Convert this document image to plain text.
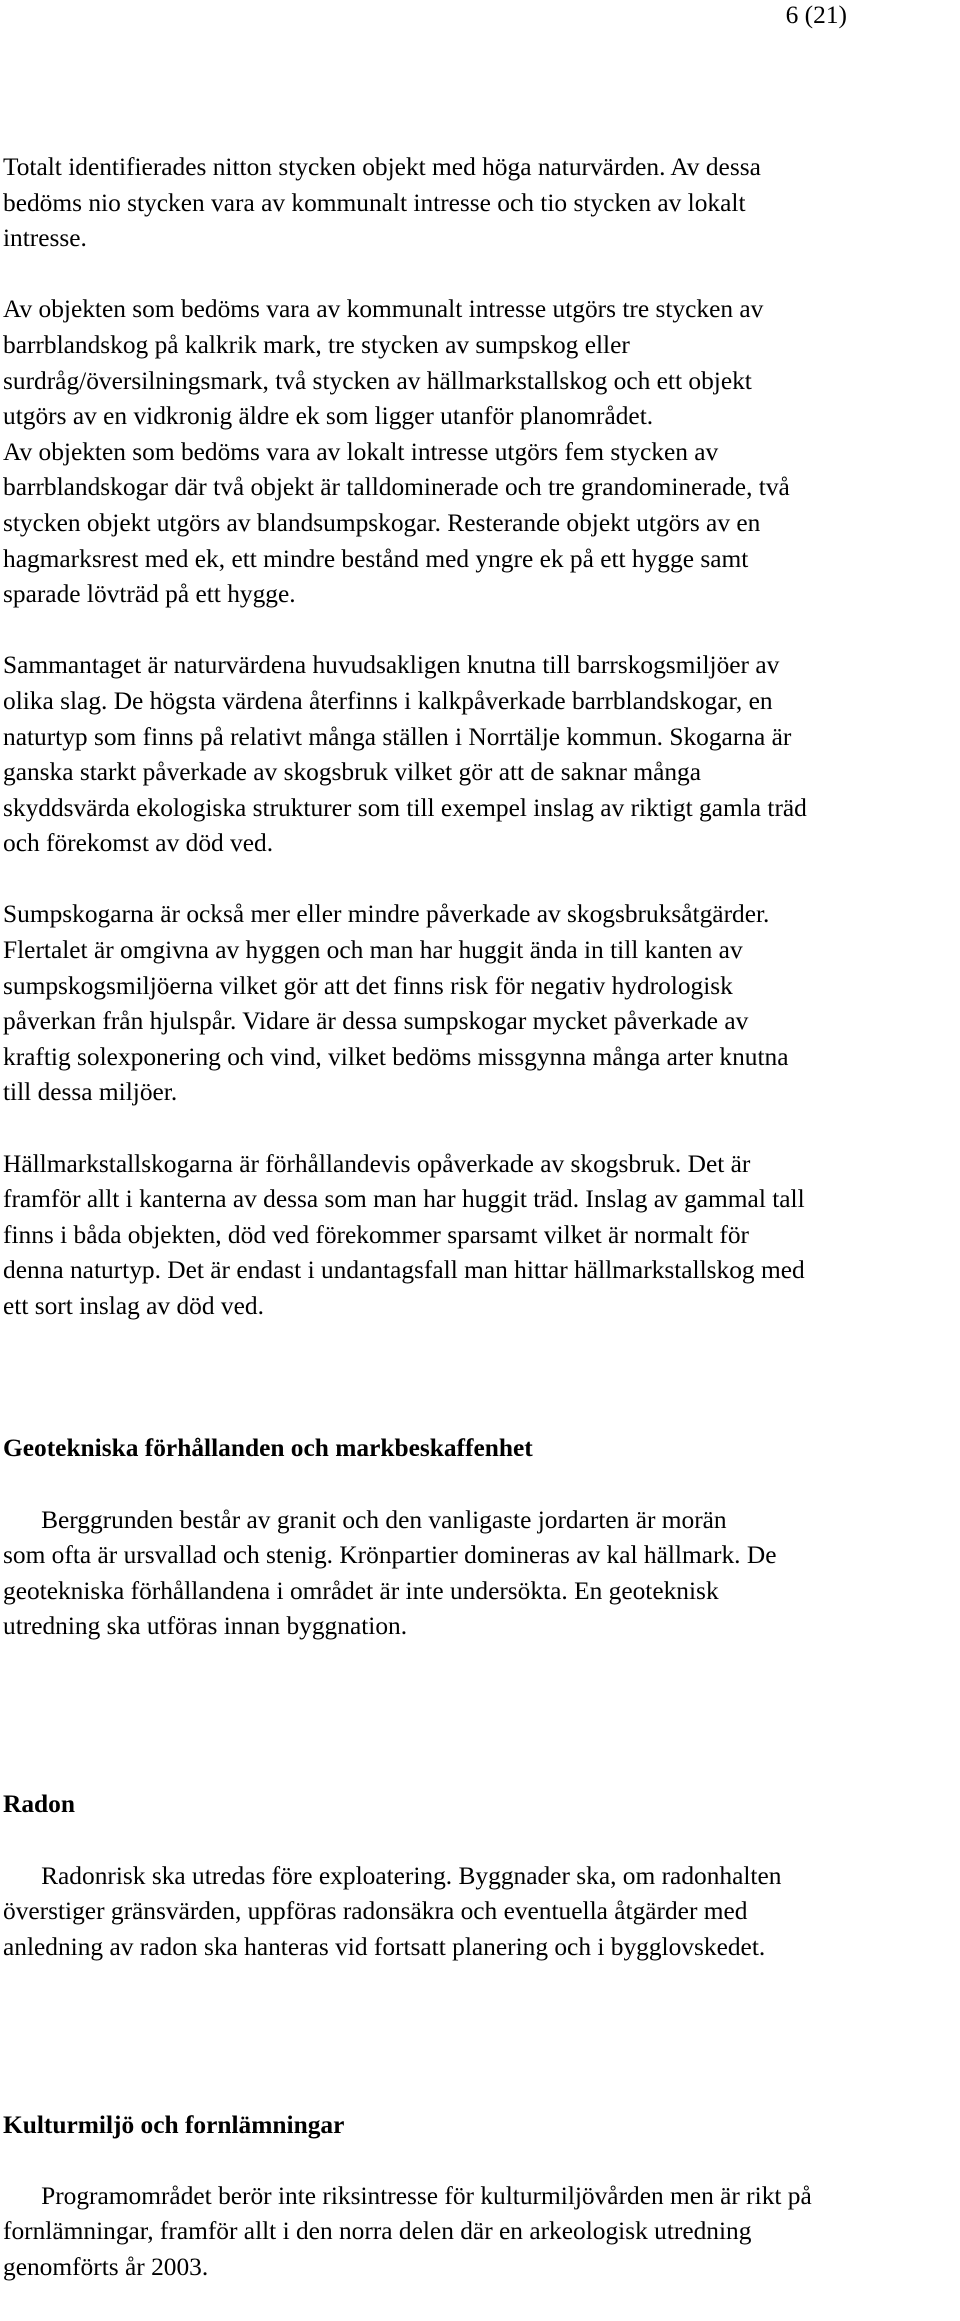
6 (21)

Totalt identifierades nitton stycken objekt med höga naturvärden. Av dessa
bedöms nio stycken vara av kommunalt intresse och tio stycken av lokalt
intresse.

Av objekten som bedöms vara av kommunalt intresse utgörs tre stycken av
barrblandskog på kalkrik mark, tre stycken av sumpskog eller
surdråg/översilningsmark, två stycken av hällmarkstallskog och ett objekt
utgörs av en vidkronig äldre ek som ligger utanför planområdet.

Av objekten som bedöms vara av lokalt intresse utgörs fem stycken av
barrblandskogar där två objekt är talldominerade och tre grandominerade, två
stycken objekt utgörs av blandsumpskogar. Resterande objekt utgörs av en
hagmarksrest med ek, ett mindre bestånd med yngre ek på ett hygge samt
sparade lövträd på ett hygge.

Sammantaget är naturvärdena huvudsakligen knutna till barrskogsmiljöer av
olika slag. De högsta värdena återfinns i kalkpåverkade barrblandskogar, en
naturtyp som finns på relativt många ställen i Norrtälje kommun. Skogarna är
ganska starkt påverkade av skogsbruk vilket gör att de saknar många
skyddsvärda ekologiska strukturer som till exempel inslag av riktigt gamla träd
och förekomst av död ved.

Sumpskogarna är också mer eller mindre påverkade av skogsbruksåtgärder.
Flertalet är omgivna av hyggen och man har huggit ända in till kanten av
sumpskogsmiljöerna vilket gör att det finns risk för negativ hydrologisk
påverkan från hjulspår. Vidare är dessa sumpskogar mycket påverkade av
kraftig solexponering och vind, vilket bedöms missgynna många arter knutna
till dessa miljöer.

Hällmarkstallskogarna är förhållandevis opåverkade av skogsbruk. Det är
framför allt i kanterna av dessa som man har huggit träd. Inslag av gammal tall
finns i båda objekten, död ved förekommer sparsamt vilket är normalt för
denna naturtyp. Det är endast i undantagsfall man hittar hällmarkstallskog med
ett sort inslag av död ved.

Geotekniska förhållanden och markbeskaffenhet

Berggrunden består av granit och den vanligaste jordarten är morän
som ofta är ursvallad och stenig. Krönpartier domineras av kal hällmark. De
geotekniska förhållandena i området är inte undersökta. En geoteknisk
utredning ska utföras innan byggnation.

Radon

Radonrisk ska utredas före exploatering. Byggnader ska, om radonhalten
överstiger gränsvärden, uppföras radonsäkra och eventuella åtgärder med
anledning av radon ska hanteras vid fortsatt planering och i bygglovskedet.

Kulturmiljö och fornlämningar

Programområdet berör inte riksintresse för kulturmiljövården men är rikt på
fornlämningar, framför allt i den norra delen där en arkeologisk utredning
genomförts år 2003.
